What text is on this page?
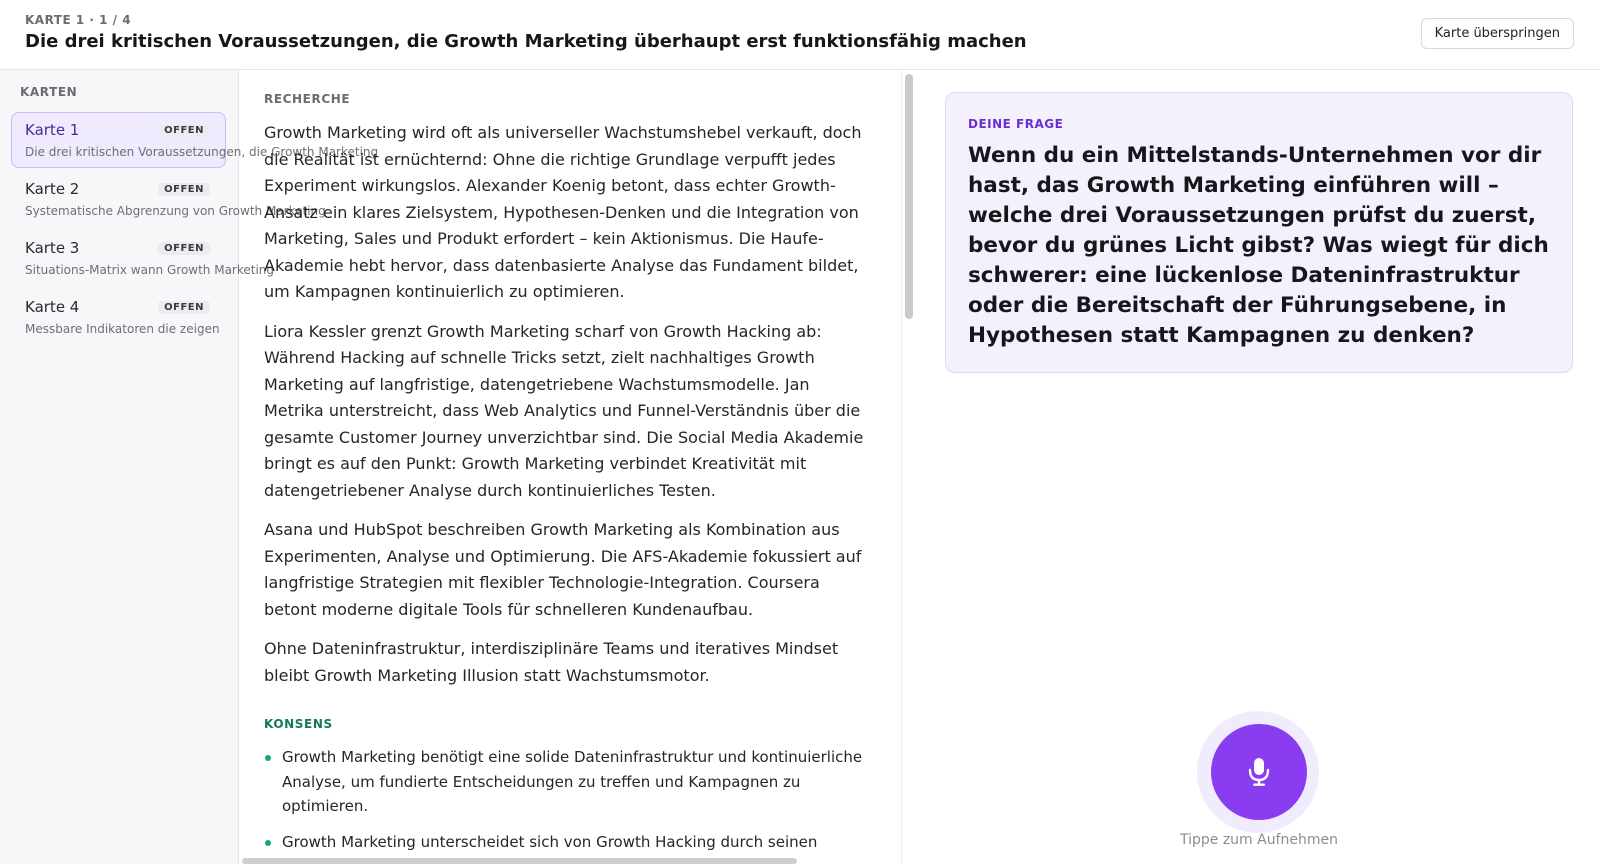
KARTE 1 · 1 / 4
Die drei kritischen Voraussetzungen, die Growth Marketing überhaupt erst funktionsfähig machen	Karte überspringen
KARTEN
Karte 1	OFFEN
Die drei kritischen Voraussetzungen, die Growth Marketing
Karte 2	OFFEN
Systematische Abgrenzung von Growth Marketing
Karte 3	OFFEN
Situations-Matrix wann Growth Marketing
Karte 4	OFFEN
Messbare Indikatoren die zeigen
RECHERCHE

Growth Marketing wird oft als universeller Wachstumshebel verkauft, doch die Realität ist ernüchternd: Ohne die richtige Grundlage verpufft jedes Experiment wirkungslos. Alexander Koenig betont, dass echter Growth-Ansatz ein klares Zielsystem, Hypothesen-Denken und die Integration von Marketing, Sales und Produkt erfordert – kein Aktionismus. Die Haufe-Akademie hebt hervor, dass datenbasierte Analyse das Fundament bildet, um Kampagnen kontinuierlich zu optimieren.

Liora Kessler grenzt Growth Marketing scharf von Growth Hacking ab: Während Hacking auf schnelle Tricks setzt, zielt nachhaltiges Growth Marketing auf langfristige, datengetriebene Wachstumsmodelle. Jan Metrika unterstreicht, dass Web Analytics und Funnel-Verständnis über die gesamte Customer Journey unverzichtbar sind. Die Social Media Akademie bringt es auf den Punkt: Growth Marketing verbindet Kreativität mit datengetriebener Analyse durch kontinuierliches Testen.

Asana und HubSpot beschreiben Growth Marketing als Kombination aus Experimenten, Analyse und Optimierung. Die AFS-Akademie fokussiert auf langfristige Strategien mit flexibler Technologie-Integration. Coursera betont moderne digitale Tools für schnelleren Kundenaufbau.

Ohne Dateninfrastruktur, interdisziplinäre Teams und iteratives Mindset bleibt Growth Marketing Illusion statt Wachstumsmotor.

KONSENS
Growth Marketing benötigt eine solide Dateninfrastruktur und kontinuierliche Analyse, um fundierte Entscheidungen zu treffen und Kampagnen zu optimieren.
Growth Marketing unterscheidet sich von Growth Hacking durch seinen
DEINE FRAGE
Wenn du ein Mittelstands-Unternehmen vor dir hast, das Growth Marketing einführen will – welche drei Voraussetzungen prüfst du zuerst, bevor du grünes Licht gibst? Was wiegt für dich schwerer: eine lückenlose Dateninfrastruktur oder die Bereitschaft der Führungsebene, in Hypothesen statt Kampagnen zu denken?
Tippe zum Aufnehmen
